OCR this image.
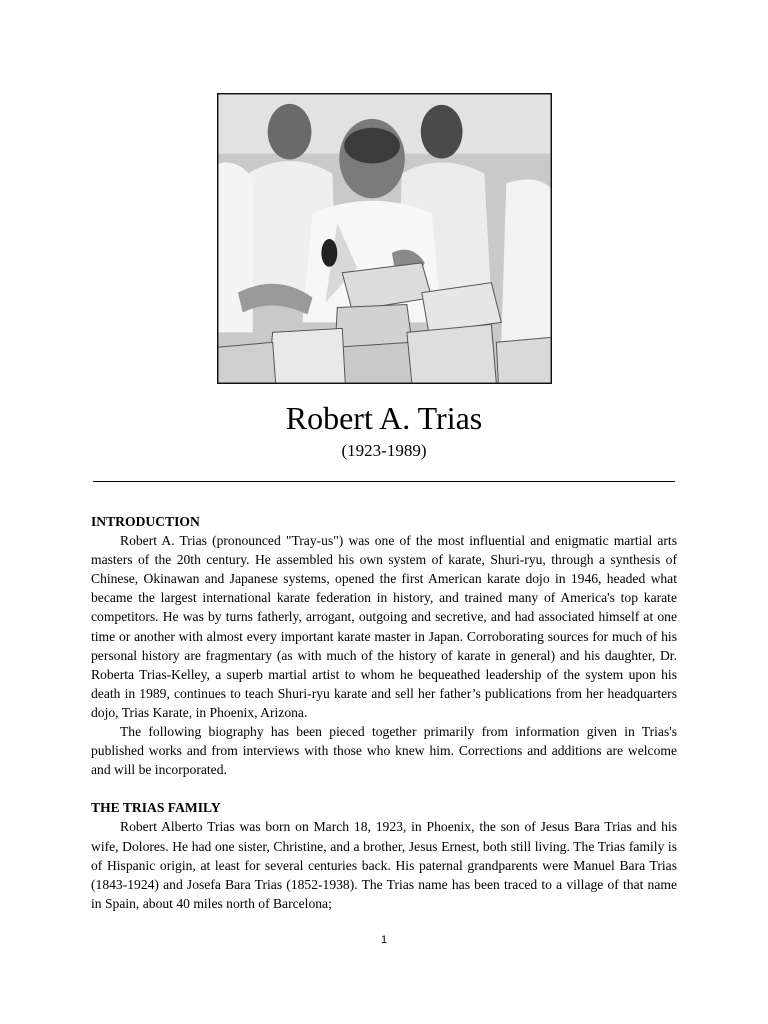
Robert A. Trias
(1923-1989)

INTRODUCTION

Robert A. Trias (pronounced "Tray-us") was one of the most influential and enigmatic martial arts masters of the 20th century. He assembled his own system of karate, Shuri-ryu, through a synthesis of Chinese, Okinawan and Japanese systems, opened the first American karate dojo in 1946, headed what became the largest international karate federation in history, and trained many of America's top karate competitors. He was by turns fatherly, arrogant, outgoing and secretive, and had associated himself at one time or another with almost every important karate master in Japan. Corroborating sources for much of his personal history are fragmentary (as with much of the history of karate in general) and his daughter, Dr. Roberta Trias-Kelley, a superb martial artist to whom he bequeathed leadership of the system upon his death in 1989, continues to teach Shuri-ryu karate and sell her father’s publications from her headquarters dojo, Trias Karate, in Phoenix, Arizona.

The following biography has been pieced together primarily from information given in Trias's published works and from interviews with those who knew him. Corrections and additions are welcome and will be incorporated.

THE TRIAS FAMILY

Robert Alberto Trias was born on March 18, 1923, in Phoenix, the son of Jesus Bara Trias and his wife, Dolores. He had one sister, Christine, and a brother, Jesus Ernest, both still living. The Trias family is of Hispanic origin, at least for several centuries back. His paternal grandparents were Manuel Bara Trias (1843-1924) and Josefa Bara Trias (1852-1938). The Trias name has been traced to a village of that name in Spain, about 40 miles north of Barcelona;

1
